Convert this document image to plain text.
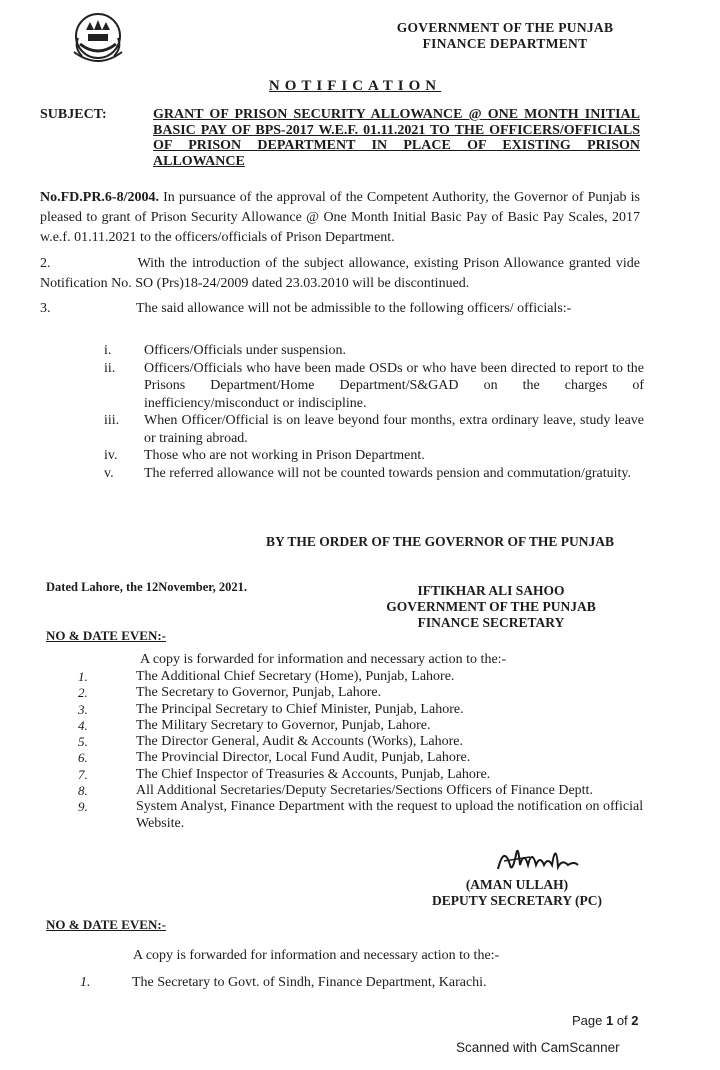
GOVERNMENT OF THE PUNJAB
FINANCE DEPARTMENT
NOTIFICATION
SUBJECT:	GRANT OF PRISON SECURITY ALLOWANCE @ ONE MONTH INITIAL BASIC PAY OF BPS-2017 W.E.F. 01.11.2021 TO THE OFFICERS/OFFICIALS OF PRISON DEPARTMENT IN PLACE OF EXISTING PRISON ALLOWANCE
No.FD.PR.6-8/2004. In pursuance of the approval of the Competent Authority, the Governor of Punjab is pleased to grant of Prison Security Allowance @ One Month Initial Basic Pay of Basic Pay Scales, 2017 w.e.f. 01.11.2021 to the officers/officials of Prison Department.
2.	With the introduction of the subject allowance, existing Prison Allowance granted vide Notification No. SO (Prs)18-24/2009 dated 23.03.2010 will be discontinued.
3.	The said allowance will not be admissible to the following officers/ officials:-
i.	Officers/Officials under suspension.
ii.	Officers/Officials who have been made OSDs or who have been directed to report to the Prisons Department/Home Department/S&GAD on the charges of inefficiency/misconduct or indiscipline.
iii.	When Officer/Official is on leave beyond four months, extra ordinary leave, study leave or training abroad.
iv.	Those who are not working in Prison Department.
v.	The referred allowance will not be counted towards pension and commutation/gratuity.
BY THE ORDER OF THE GOVERNOR OF THE PUNJAB
Dated Lahore, the 12November, 2021.	IFTIKHAR ALI SAHOO
GOVERNMENT OF THE PUNJAB
FINANCE SECRETARY
NO & DATE EVEN:-
A copy is forwarded for information and necessary action to the:-
1.	The Additional Chief Secretary (Home), Punjab, Lahore.
2.	The Secretary to Governor, Punjab, Lahore.
3.	The Principal Secretary to Chief Minister, Punjab, Lahore.
4.	The Military Secretary to Governor, Punjab, Lahore.
5.	The Director General, Audit & Accounts (Works), Lahore.
6.	The Provincial Director, Local Fund Audit, Punjab, Lahore.
7.	The Chief Inspector of Treasuries & Accounts, Punjab, Lahore.
8.	All Additional Secretaries/Deputy Secretaries/Sections Officers of Finance Deptt.
9.	System Analyst, Finance Department with the request to upload the notification on official Website.
(AMAN ULLAH)
DEPUTY SECRETARY (PC)
NO & DATE EVEN:-
A copy is forwarded for information and necessary action to the:-
1.	The Secretary to Govt. of Sindh, Finance Department, Karachi.
Page 1 of 2
Scanned with CamScanner
